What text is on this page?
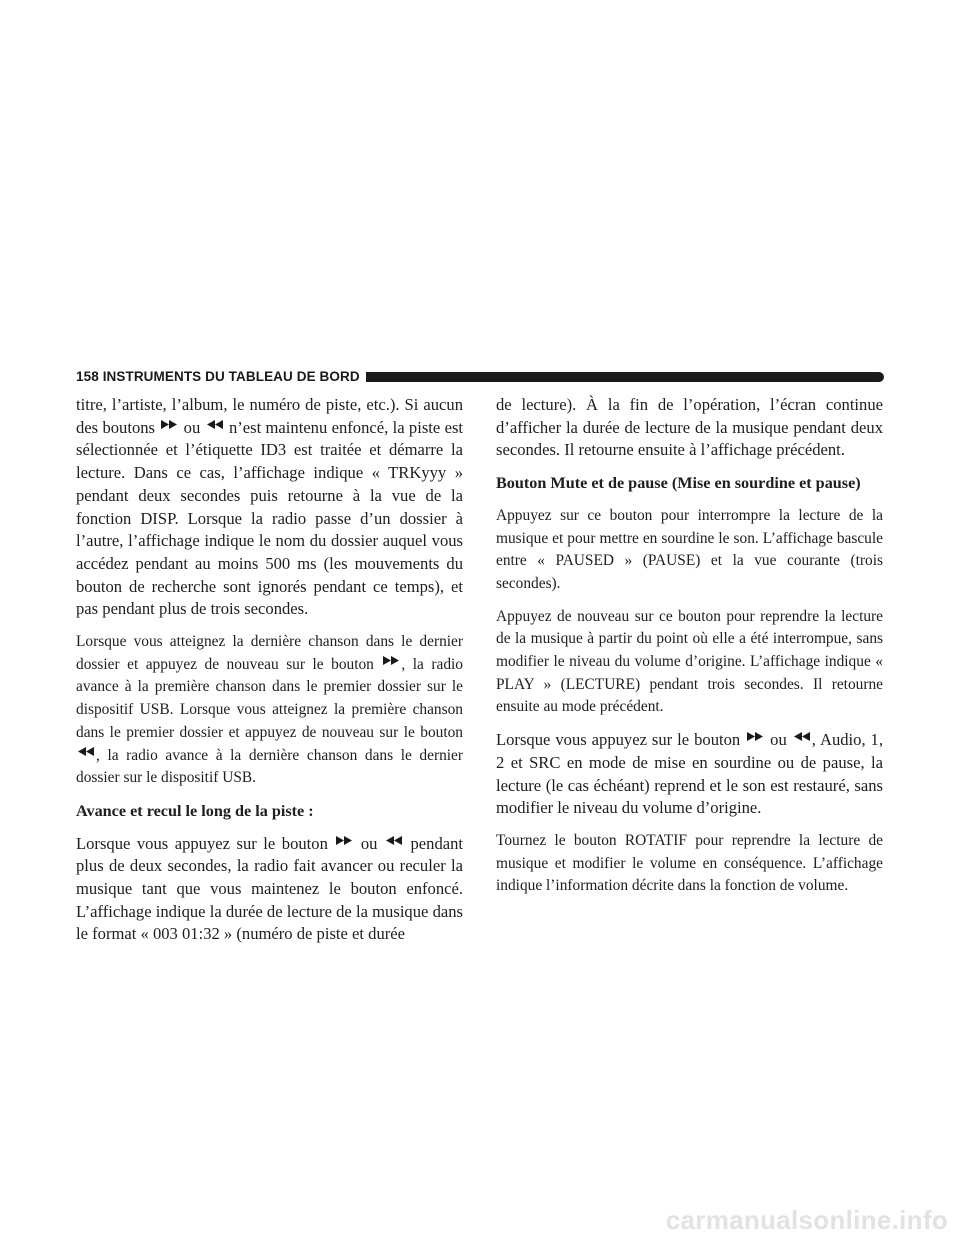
158 INSTRUMENTS DU TABLEAU DE BORD

titre, l’artiste, l’album, le numéro de piste, etc.). Si aucun des boutons
ou
n’est maintenu enfoncé, la piste est sélectionnée et l’étiquette ID3 est traitée et démarre la lecture. Dans ce cas, l’affichage indique « TRKyyy » pendant deux secondes puis retourne à la vue de la fonction DISP. Lorsque la radio passe d’un dossier à l’autre, l’affichage indique le nom du dossier auquel vous accédez pendant au moins 500 ms (les mouvements du bouton de recherche sont ignorés pendant ce temps), et pas pendant plus de trois secondes.

Lorsque vous atteignez la dernière chanson dans le dernier dossier et appuyez de nouveau sur le bouton
, la radio avance à la première chanson dans le premier dossier sur le dispositif USB. Lorsque vous atteignez la première chanson dans le premier dossier et appuyez de nouveau sur le bouton
, la radio avance à la dernière chanson dans le dernier dossier sur le dispositif USB.

Avance et recul le long de la piste :

Lorsque vous appuyez sur le bouton
ou
pendant plus de deux secondes, la radio fait avancer ou reculer la musique tant que vous maintenez le bouton enfoncé. L’affichage indique la durée de lecture de la musique dans le format « 003 01:32 » (numéro de piste et durée

de lecture). À la fin de l’opération, l’écran continue d’afficher la durée de lecture de la musique pendant deux secondes. Il retourne ensuite à l’affichage précédent.

Bouton Mute et de pause (Mise en sourdine et pause)

Appuyez sur ce bouton pour interrompre la lecture de la musique et pour mettre en sourdine le son. L’affichage bascule entre « PAUSED » (PAUSE) et la vue courante (trois secondes).

Appuyez de nouveau sur ce bouton pour reprendre la lecture de la musique à partir du point où elle a été interrompue, sans modifier le niveau du volume d’origine. L’affichage indique « PLAY » (LECTURE) pendant trois secondes. Il retourne ensuite au mode précédent.

Lorsque vous appuyez sur le bouton
ou
, Audio, 1, 2 et SRC en mode de mise en sourdine ou de pause, la lecture (le cas échéant) reprend et le son est restauré, sans modifier le niveau du volume d’origine.

Tournez le bouton ROTATIF pour reprendre la lecture de musique et modifier le volume en conséquence. L’affichage indique l’information décrite dans la fonction de volume.

carmanualsonline.info
